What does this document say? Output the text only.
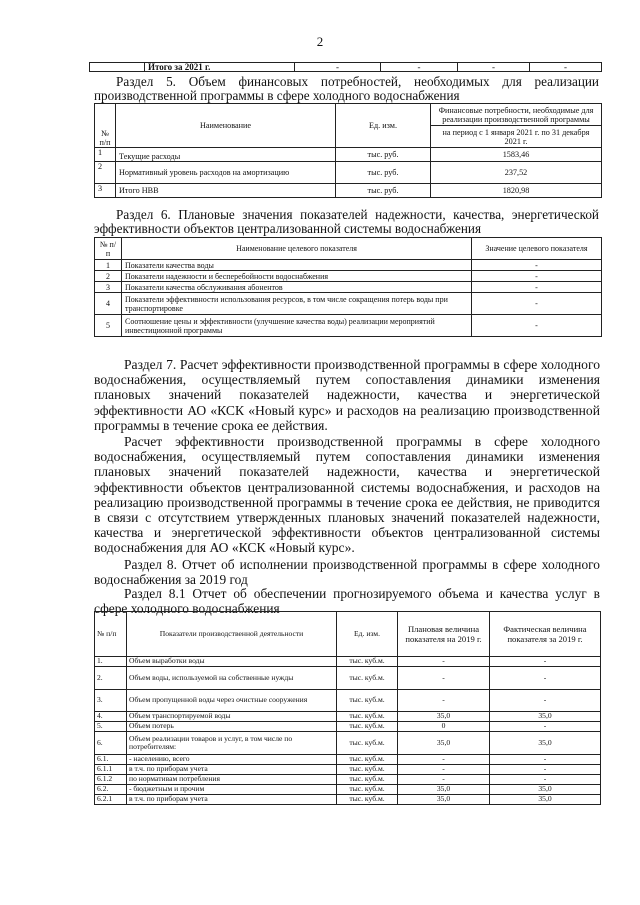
2
	Итого за 2021 г.	-	-	-	-

Раздел 5. Объем финансовых потребностей, необходимых для реализации производственной программы в сфере холодного водоснабжения

№ п/п	Наименование	Ед. изм.	Финансовые потребности, необходимые для реализации производственной программы
			на период с 1 января 2021 г. по 31 декабря 2021 г.
1	Текущие расходы	тыс. руб.	1583,46
2	Нормативный уровень расходов на амортизацию	тыс. руб.	237,52
3	Итого НВВ	тыс. руб.	1820,98

Раздел 6. Плановые значения показателей надежности, качества, энергетической эффективности объектов централизованной системы водоснабжения

№ п/п	Наименование целевого показателя	Значение целевого показателя
1	Показатели качества воды	-
2	Показатели надежности и бесперебойности водоснабжения	-
3	Показатели качества обслуживания абонентов	-
4	Показатели эффективности использования ресурсов, в том числе сокращения потерь воды при транспортировке	-
5	Соотношение цены и эффективности (улучшение качества воды) реализации мероприятий инвестиционной программы	-

Раздел 7. Расчет эффективности производственной программы в сфере холодного водоснабжения, осуществляемый путем сопоставления динамики изменения плановых значений показателей надежности, качества и энергетической эффективности АО «КСК «Новый курс» и расходов на реализацию производственной программы в течение срока ее действия.

Расчет эффективности производственной программы в сфере холодного водоснабжения, осуществляемый путем сопоставления динамики изменения плановых значений показателей надежности, качества и энергетической эффективности объектов централизованной системы водоснабжения, и расходов на реализацию производственной программы в течение срока ее действия, не приводится в связи с отсутствием утвержденных плановых значений показателей надежности, качества и энергетической эффективности объектов централизованной системы водоснабжения для АО «КСК «Новый курс».

Раздел 8. Отчет об исполнении производственной программы в сфере холодного водоснабжения за 2019 год

Раздел 8.1 Отчет об обеспечении прогнозируемого объема и качества услуг в сфере холодного водоснабжения

№ п/п	Показатели производственной деятельности	Ед. изм.	Плановая величина показателя на 2019 г.	Фактическая величина показателя за 2019 г.
1.	Объем выработки воды	тыс. куб.м.	-	-
2.	Объем воды, используемой на собственные нужды	тыс. куб.м.	-	-
3.	Объем пропущенной воды через очистные сооружения	тыс. куб.м.	-	-
4.	Объем транспортируемой воды	тыс. куб.м.	35,0	35,0
5.	Объем потерь	тыс. куб.м.	0	-
6.	Объем реализации товаров и услуг, в том числе по потребителям:	тыс. куб.м.	35,0	35,0
6.1.	- населению, всего	тыс. куб.м.	-	-
6.1.1	в т.ч. по приборам учета	тыс. куб.м.	-	-
6.1.2	по нормативам потребления	тыс. куб.м.	-	-
6.2.	- бюджетным и прочим	тыс. куб.м.	35,0	35,0
6.2.1	в т.ч. по приборам учета	тыс. куб.м.	35,0	35,0
